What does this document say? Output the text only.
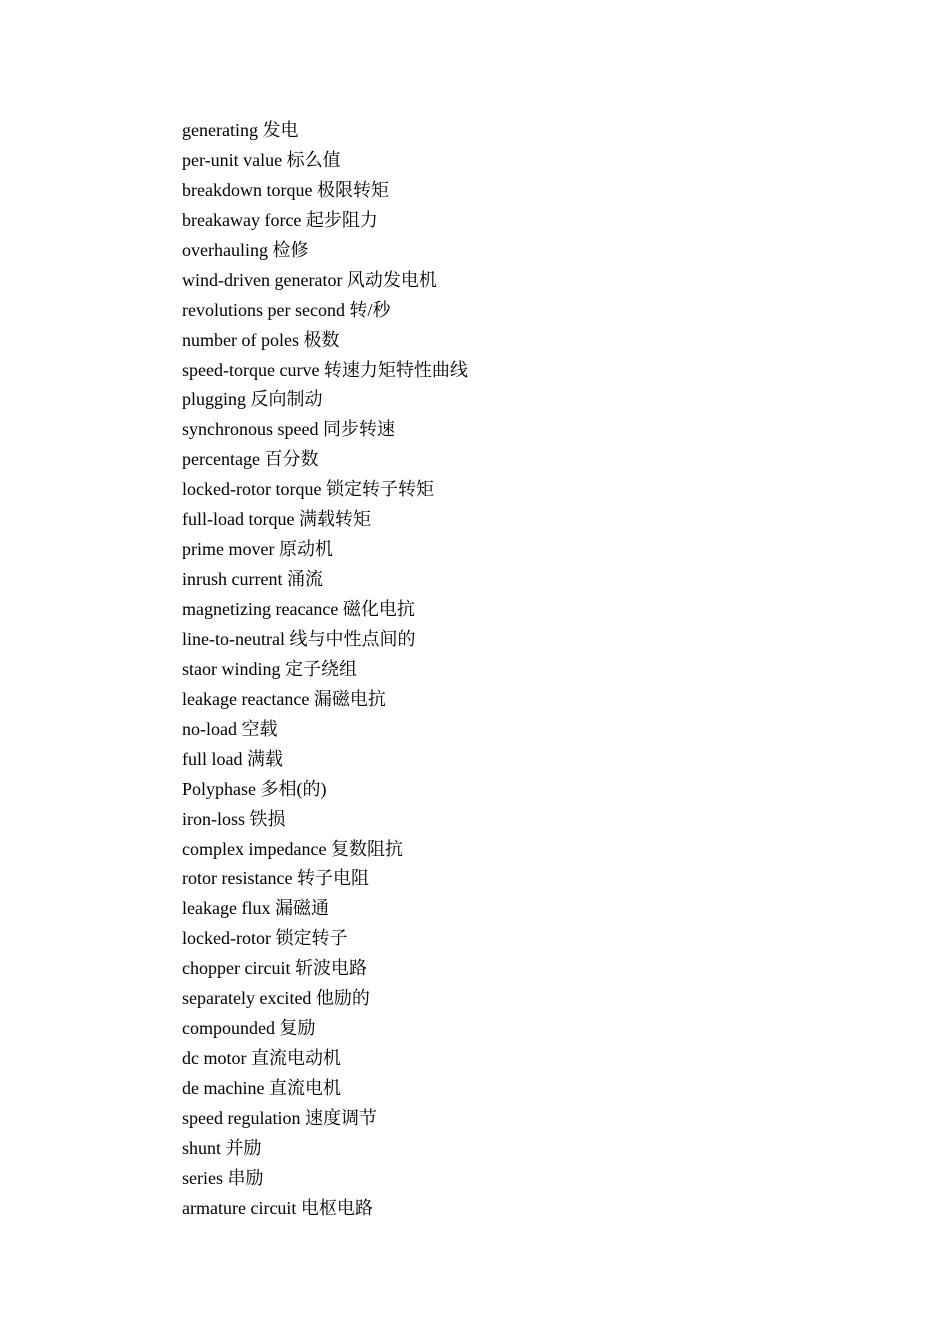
generating 发电
per-unit value 标么值
breakdown torque 极限转矩
breakaway force 起步阻力
overhauling 检修
wind-driven generator 风动发电机
revolutions per second 转/秒
number of poles 极数
speed-torque curve 转速力矩特性曲线
plugging 反向制动
synchronous speed 同步转速
percentage 百分数
locked-rotor torque 锁定转子转矩
full-load torque 满载转矩
prime mover 原动机
inrush current 涌流
magnetizing reacance 磁化电抗
line-to-neutral 线与中性点间的
staor winding 定子绕组
leakage reactance 漏磁电抗
no-load 空载
full load 满载
Polyphase 多相(的)
iron-loss 铁损
complex impedance 复数阻抗
rotor resistance 转子电阻
leakage flux 漏磁通
locked-rotor 锁定转子
chopper circuit 斩波电路
separately excited 他励的
compounded 复励
dc motor 直流电动机
de machine 直流电机
speed regulation 速度调节
shunt 并励
series 串励
armature circuit 电枢电路
